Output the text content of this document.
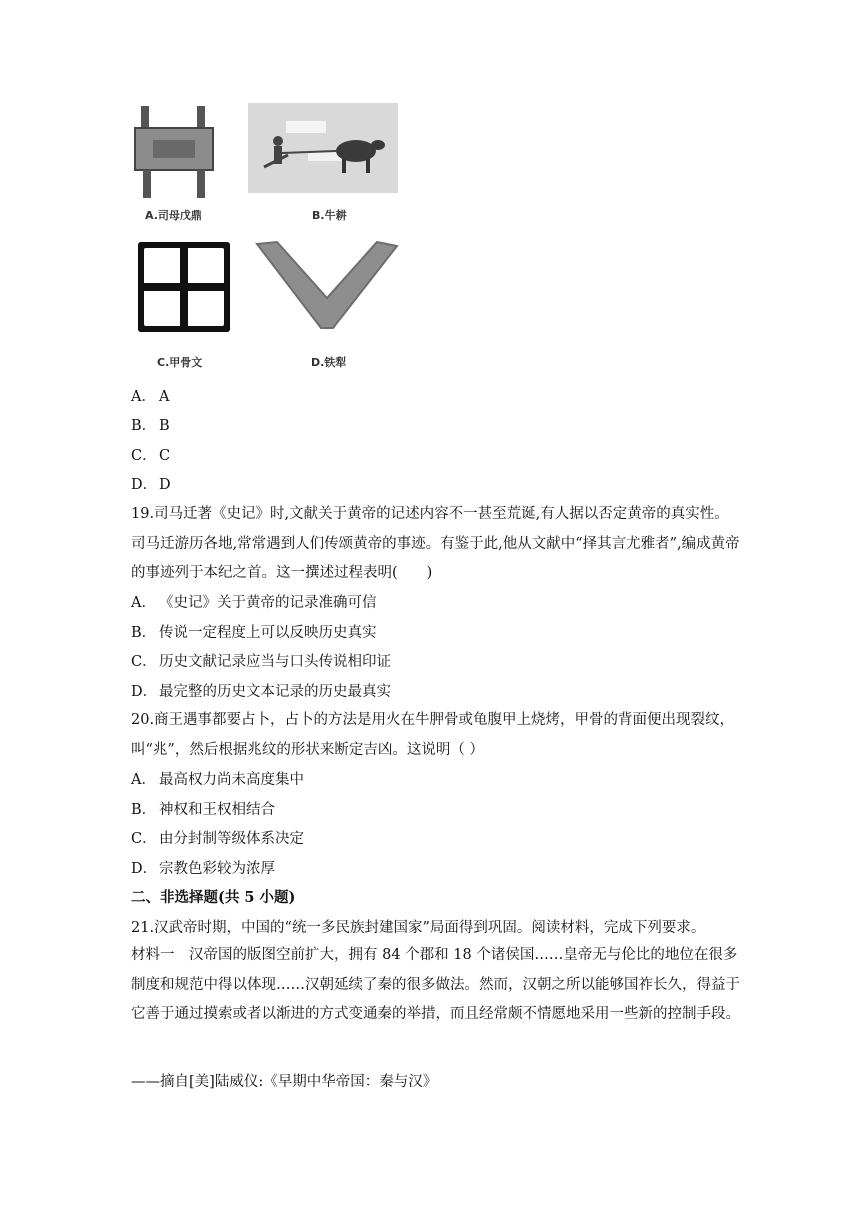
A.司母戊鼎	B.牛耕
C.甲骨文	D.铁犁
A． A
B． B
C． C
D． D
19.司马迁著《史记》时,文献关于黄帝的记述内容不一甚至荒诞,有人据以否定黄帝的真实性。司马迁游历各地,常常遇到人们传颂黄帝的事迹。有鉴于此,他从文献中“择其言尤雅者”,编成黄帝的事迹列于本纪之首。这一撰述过程表明(　　)
A． 《史记》关于黄帝的记录准确可信
B． 传说一定程度上可以反映历史真实
C． 历史文献记录应当与口头传说相印证
D． 最完整的历史文本记录的历史最真实
20.商王遇事都要占卜，占卜的方法是用火在牛胛骨或龟腹甲上烧烤，甲骨的背面便出现裂纹，叫“兆”，然后根据兆纹的形状来断定吉凶。这说明（ ）
A． 最高权力尚未高度集中
B． 神权和王权相结合
C． 由分封制等级体系决定
D． 宗教色彩较为浓厚
二、非选择题(共 5 小题)
21.汉武帝时期，中国的“统一多民族封建国家”局面得到巩固。阅读材料，完成下列要求。
材料一　汉帝国的版图空前扩大，拥有 84 个郡和 18 个诸侯国……皇帝无与伦比的地位在很多制度和规范中得以体现……汉朝延续了秦的很多做法。然而，汉朝之所以能够国祚长久，得益于它善于通过摸索或者以渐进的方式变通秦的举措，而且经常颇不情愿地采用一些新的控制手段。
——摘自[美]陆威仪:《早期中华帝国：秦与汉》
